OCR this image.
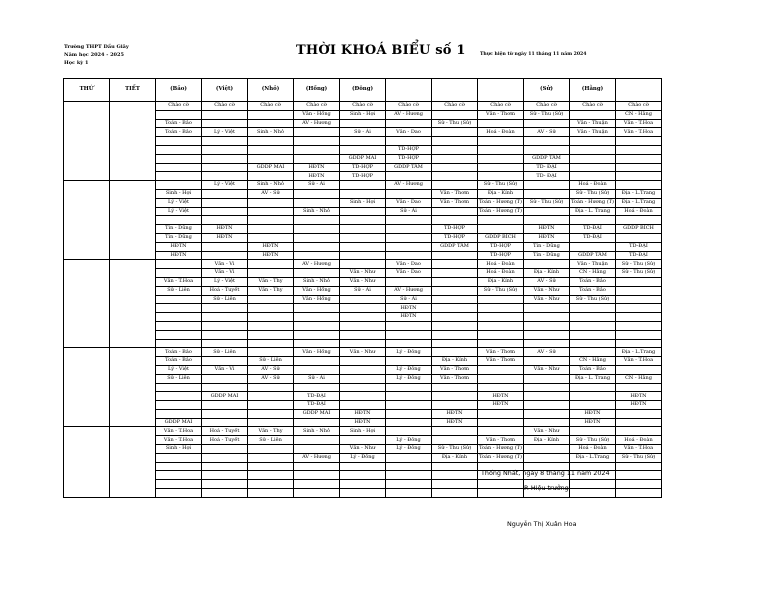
Trường THPT Dầu Giây
Năm học 2024 - 2025
Học kỳ 1
THỜI KHOÁ BIỂU số 1	Thực hiện từ ngày 11 tháng 11 năm 2024
THỨ	TIẾT	(Bảo)	(Việt)	(Nhỏ)	(Hồng)	(Đông)				(Sử)	(Hằng)	
		Chào cờ	Chào cờ	Chào cờ	Chào cờ	Chào cờ	Chào cờ	Chào cờ	Chào cờ	Chào cờ	Chào cờ	Chào cờ
					Văn - Hồng	Sinh - Hợi	AV - Hương		Văn - Thơm	Sử - Thu (Sử)		CN - Hằng
		Toán - Bảo			AV - Hương			Sử - Thu (Sử)			Văn - Thuận	Văn - T.Hoa
		Toán - Bảo	Lý - Việt	Sinh - Nhỏ		Sử - Ái	Văn - Dao		Hoá - Đoàn	AV - Sử	Văn - Thuận	Văn - T.Hoa

							TD-HỢP					
						GDDP MAI	TD-HỢP			GDDP TÂM		
				GDDP MAI	HĐTN	TD-HỢP	GDDP TÂM			TD- ĐẠI		
					HĐTN	TD-HỢP				TD- ĐẠI		
			Lý - Việt	Sinh - Nhỏ	Sử - Ái		AV - Hương		Sử - Thu (Sử)		Hoá - Đoàn	
		Sinh - Hợi		AV - Sử				Văn - Thơm	Địa - Kính		Sử - Thu (Sử)	Địa - L.Trang
		Lý - Việt				Sinh - Hợi	Văn - Dao	Văn - Thơm	Toán - Hương (T)	Sử - Thu (Sử)	Toán - Hương (T)	Địa - L.Trang
		Lý - Việt			Sinh - Nhỏ		Sử - Ái		Toán - Hương (T)		Địa - L. Trang	Hoá - Đoàn

		Tin - Dũng	HĐTN					TD-HỢP		HĐTN	TD-ĐẠI	GDDP BÍCH
		Tin - Dũng	HĐTN					TD-HỢP	GDDP BÍCH	HĐTN	TD-ĐẠI	
		HĐTN		HĐTN				GDDP TÂM	TD-HỢP	Tin - Dũng		TD-ĐẠI
		HĐTN		HĐTN					TD-HỢP	Tin - Dũng	GDDP TÂM	TD-ĐẠI
			Văn - Vi		AV - Hương		Văn - Dao		Hoá - Đoàn		Văn - Thuận	Sử - Thu (Sử)
			Văn - Vi			Văn - Như	Văn - Dao		Hoá - Đoàn	Địa - Kính	CN - Hằng	Sử - Thu (Sử)
		Văn - T.Hoa	Lý - Việt	Văn - Thy	Sinh - Nhỏ	Văn - Như			Địa - Kính	AV - Sử	Toán - Bảo	
		Sử - Liên	Hoá - Tuyết	Văn - Thy	Văn - Hồng	Sử - Ái	AV - Hương		Sử - Thu (Sử)	Văn - Như	Toán - Bảo	
			Sử - Liên		Văn - Hồng		Sử - Ái			Văn - Như	Sử - Thu (Sử)	
							HĐTN					
							HĐTN					

		Toán - Bảo	Sử - Liên		Văn - Hồng	Văn - Như	Lý - Đông		Văn - Thơm	AV - Sử		Địa - L.Trang
		Toán - Bảo		Sử - Liên				Địa - Kính	Văn - Thơm		CN - Hằng	Văn - T.Hoa
		Lý - Việt	Văn - Vi	AV - Sử			Lý - Đông	Văn - Thơm		Văn - Như	Toán - Bảo	
		Sử - Liên		AV - Sử	Sử - Ái		Lý - Đông	Văn - Thơm			Địa - L. Trang	CN - Hằng

			GDDP MAI		TD-ĐẠI				HĐTN			HĐTN
					TD-ĐẠI				HĐTN			HĐTN
					GDDP MAI	HĐTN		HĐTN			HĐTN	
		GDDP MAI				HĐTN		HĐTN			HĐTN	
		Văn - T.Hoa	Hoá - Tuyết	Văn - Thy	Sinh - Nhỏ	Sinh - Hợi				Văn - Như		
		Văn - T.Hoa	Hoá - Tuyết	Sử - Liên			Lý - Đông		Văn - Thơm	Địa - Kính	Sử - Thu (Sử)	Hoá - Đoàn
		Sinh - Hợi				Văn - Như	Lý - Đông	Sử - Thu (Sử)	Toán - Hương (T)		Hoá - Đoàn	Văn - T.Hoa
					AV - Hương	Lý - Đông		Địa - Kính	Toán - Hương (T)		Địa - L.Trang	Sử - Thu (Sử)

Thống Nhất, ngày 8 tháng 11 năm 2024
P. Hiệu trưởng
Nguyễn Thị Xuân Hoa
